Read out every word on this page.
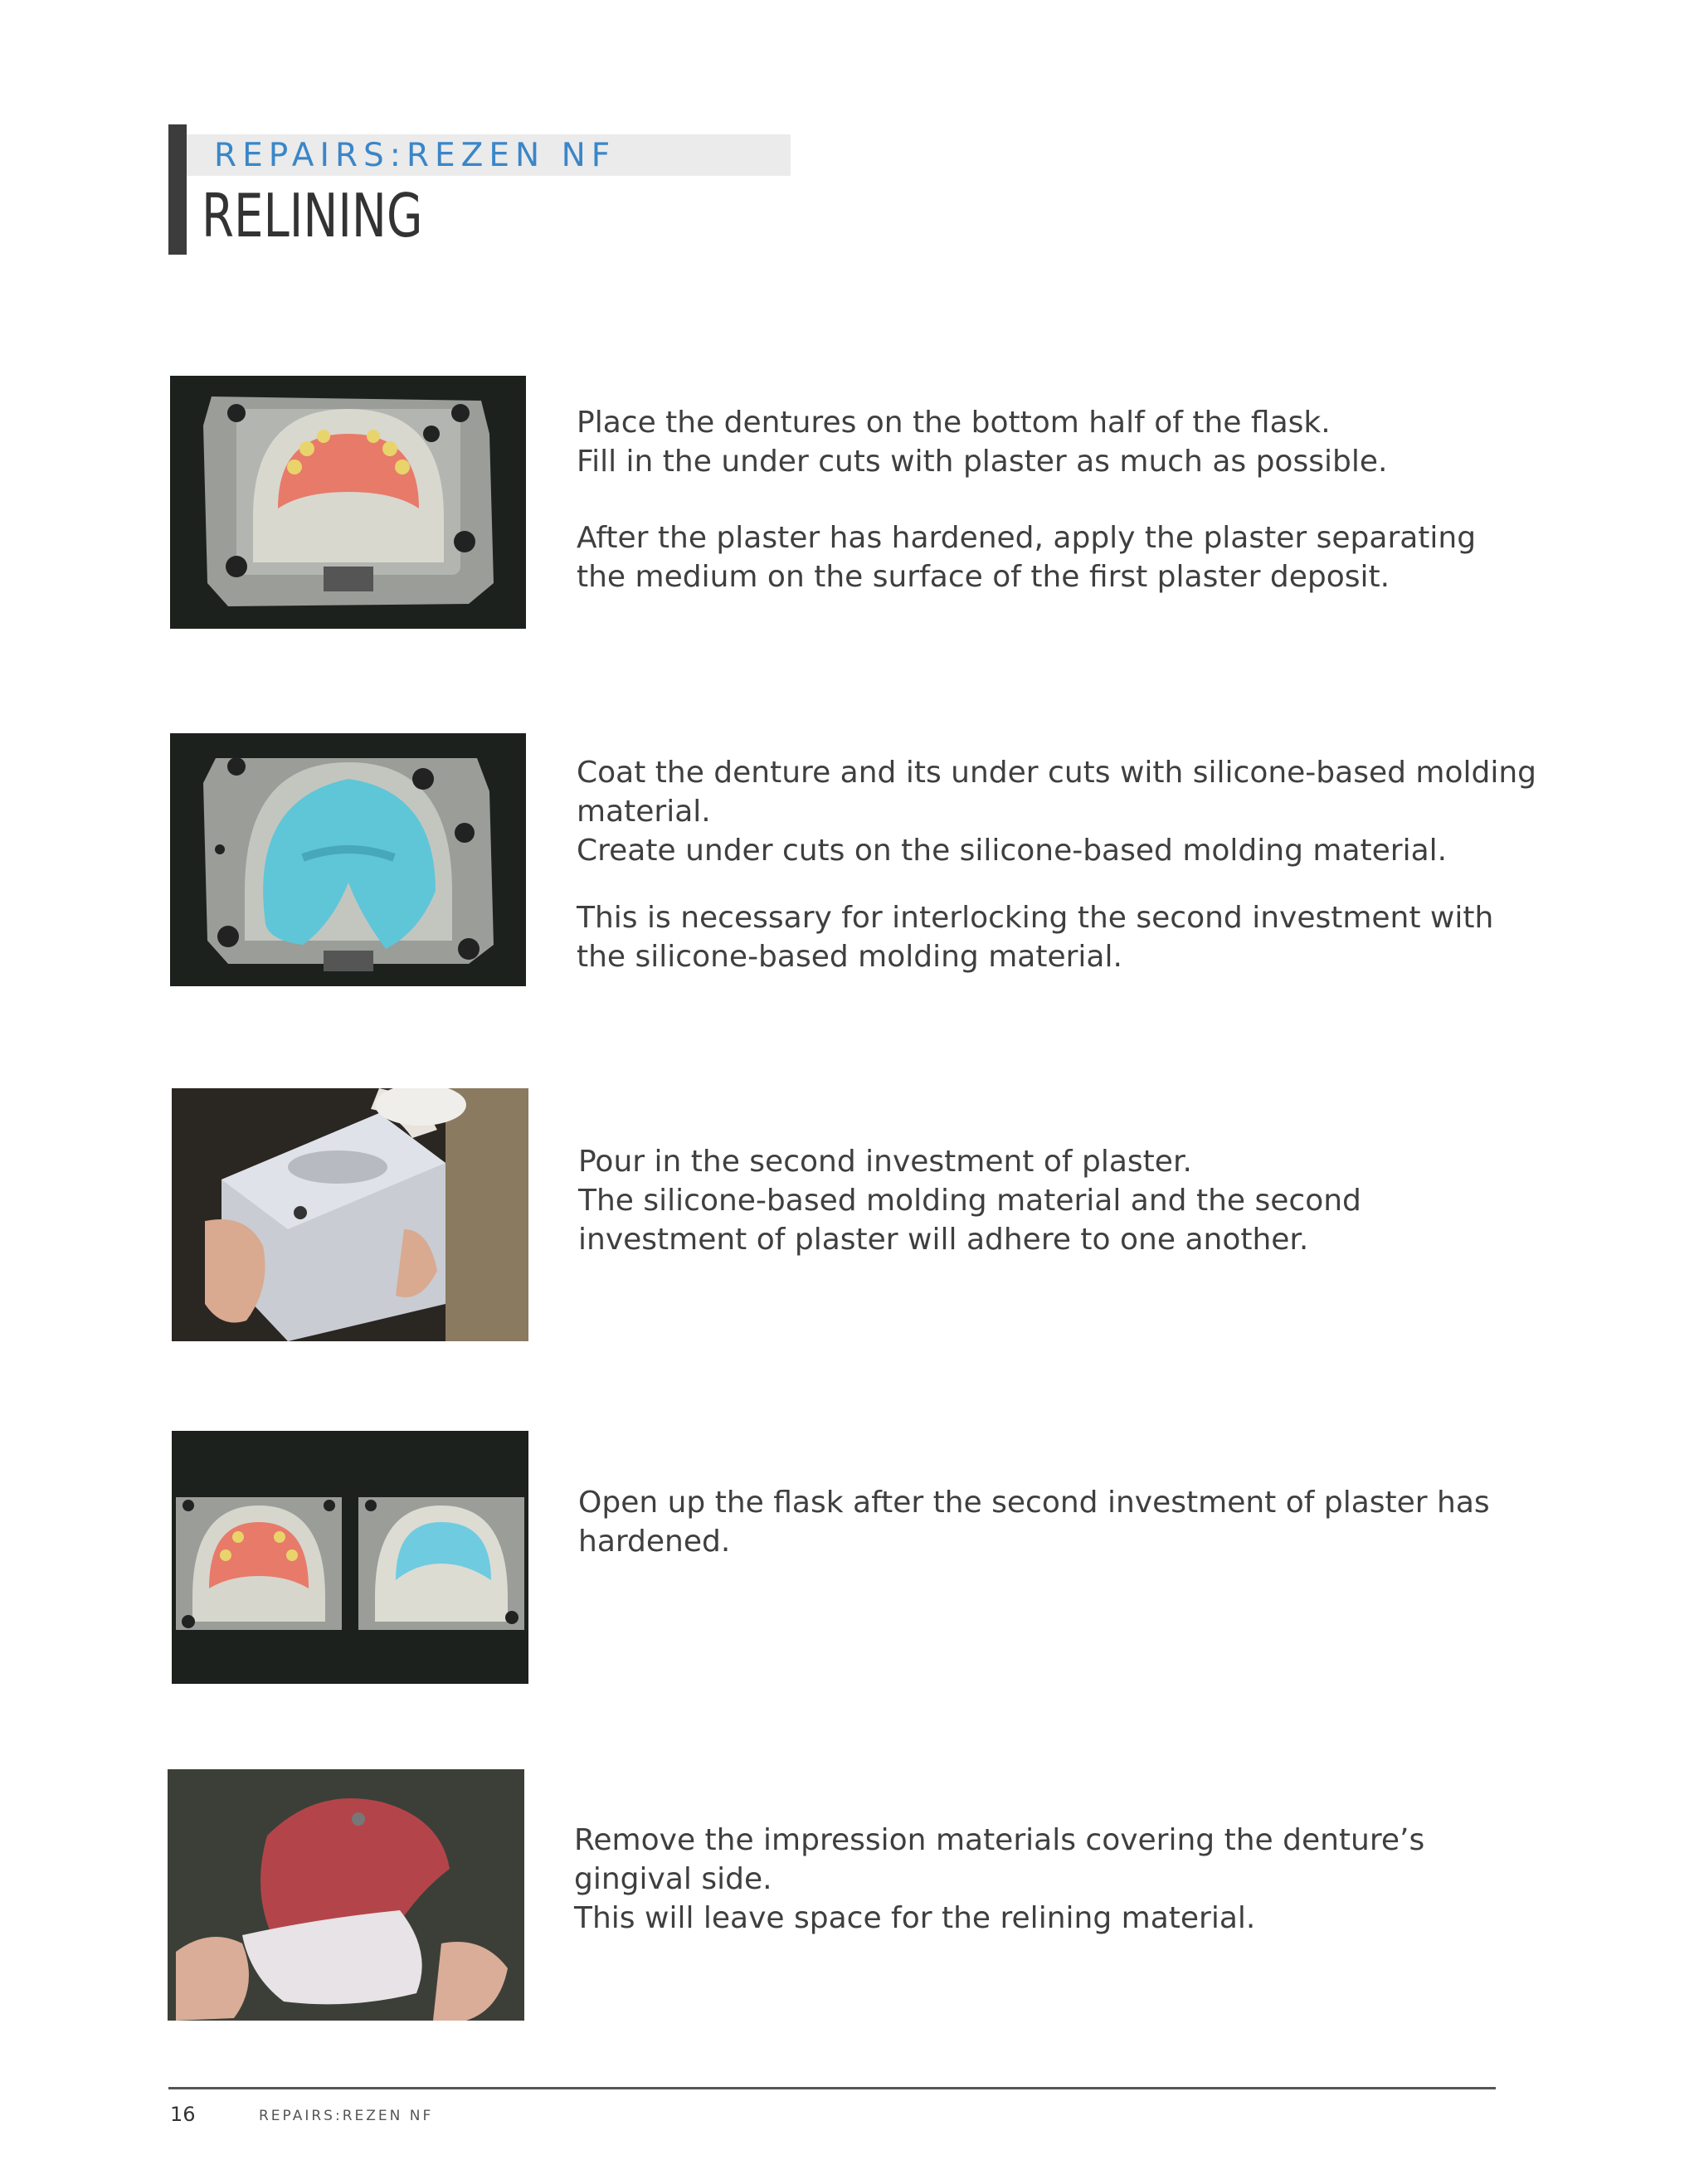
REPAIRS:REZEN NF
RELINING

Place the dentures on the bottom half of the flask.

Fill in the under cuts with plaster as much as possible.

After the plaster has hardened, apply the plaster separating

the medium on the surface of the first plaster deposit.

Coat the denture and its under cuts with silicone-based molding

material.

Create under cuts on the silicone-based molding material.

This is necessary for interlocking the second investment with

the silicone-based molding material.

Pour in the second investment of plaster.

The silicone-based molding material and the second

investment of plaster will adhere to one another.

Open up the flask after the second investment of plaster has

hardened.

Remove the impression materials covering the denture’s

gingival side.

This will leave space for the relining material.

16	REPAIRS:REZEN NF
